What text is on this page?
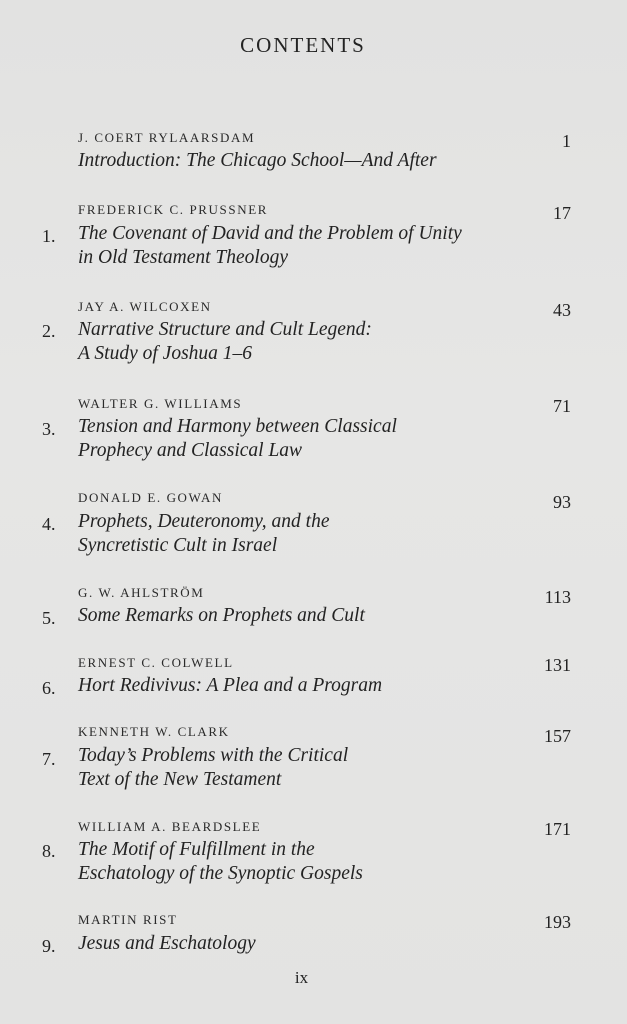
CONTENTS
J. COERT RYLAARSDAM	1
Introduction: The Chicago School—And After
FREDERICK C. PRUSSNER	17
1. The Covenant of David and the Problem of Unity
in Old Testament Theology
JAY A. WILCOXEN	43
2. Narrative Structure and Cult Legend:
A Study of Joshua 1–6
WALTER G. WILLIAMS	71
3. Tension and Harmony between Classical
Prophecy and Classical Law
DONALD E. GOWAN	93
4. Prophets, Deuteronomy, and the
Syncretistic Cult in Israel
G. W. AHLSTRÖM	113
5. Some Remarks on Prophets and Cult
ERNEST C. COLWELL	131
6. Hort Redivivus: A Plea and a Program
KENNETH W. CLARK	157
7. Today’s Problems with the Critical
Text of the New Testament
WILLIAM A. BEARDSLEE	171
8. The Motif of Fulfillment in the
Eschatology of the Synoptic Gospels
MARTIN RIST	193
9. Jesus and Eschatology
ix
